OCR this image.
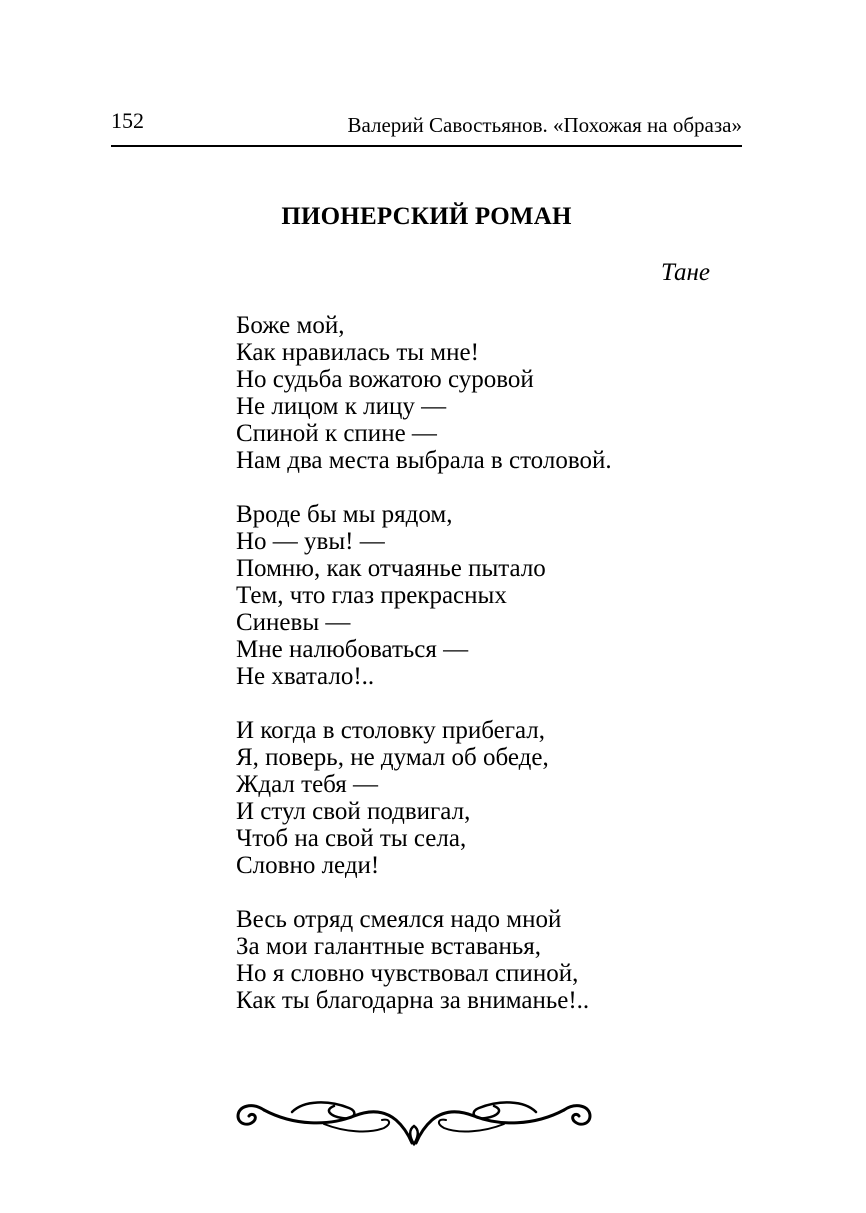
152	Валерий Савостьянов. «Похожая на образа»
ПИОНЕРСКИЙ РОМАН
Тане
Боже мой,
Как нравилась ты мне!
Но судьба вожатою суровой
Не лицом к лицу —
Спиной к спине —
Нам два места выбрала в столовой.
Вроде бы мы рядом,
Но — увы! —
Помню, как отчаянье пытало
Тем, что глаз прекрасных
Синевы —
Мне налюбоваться —
Не хватало!..
И когда в столовку прибегал,
Я, поверь, не думал об обеде,
Ждал тебя —
И стул свой подвигал,
Чтоб на свой ты села,
Словно леди!
Весь отряд смеялся надо мной
За мои галантные вставанья,
Но я словно чувствовал спиной,
Как ты благодарна за вниманье!..
